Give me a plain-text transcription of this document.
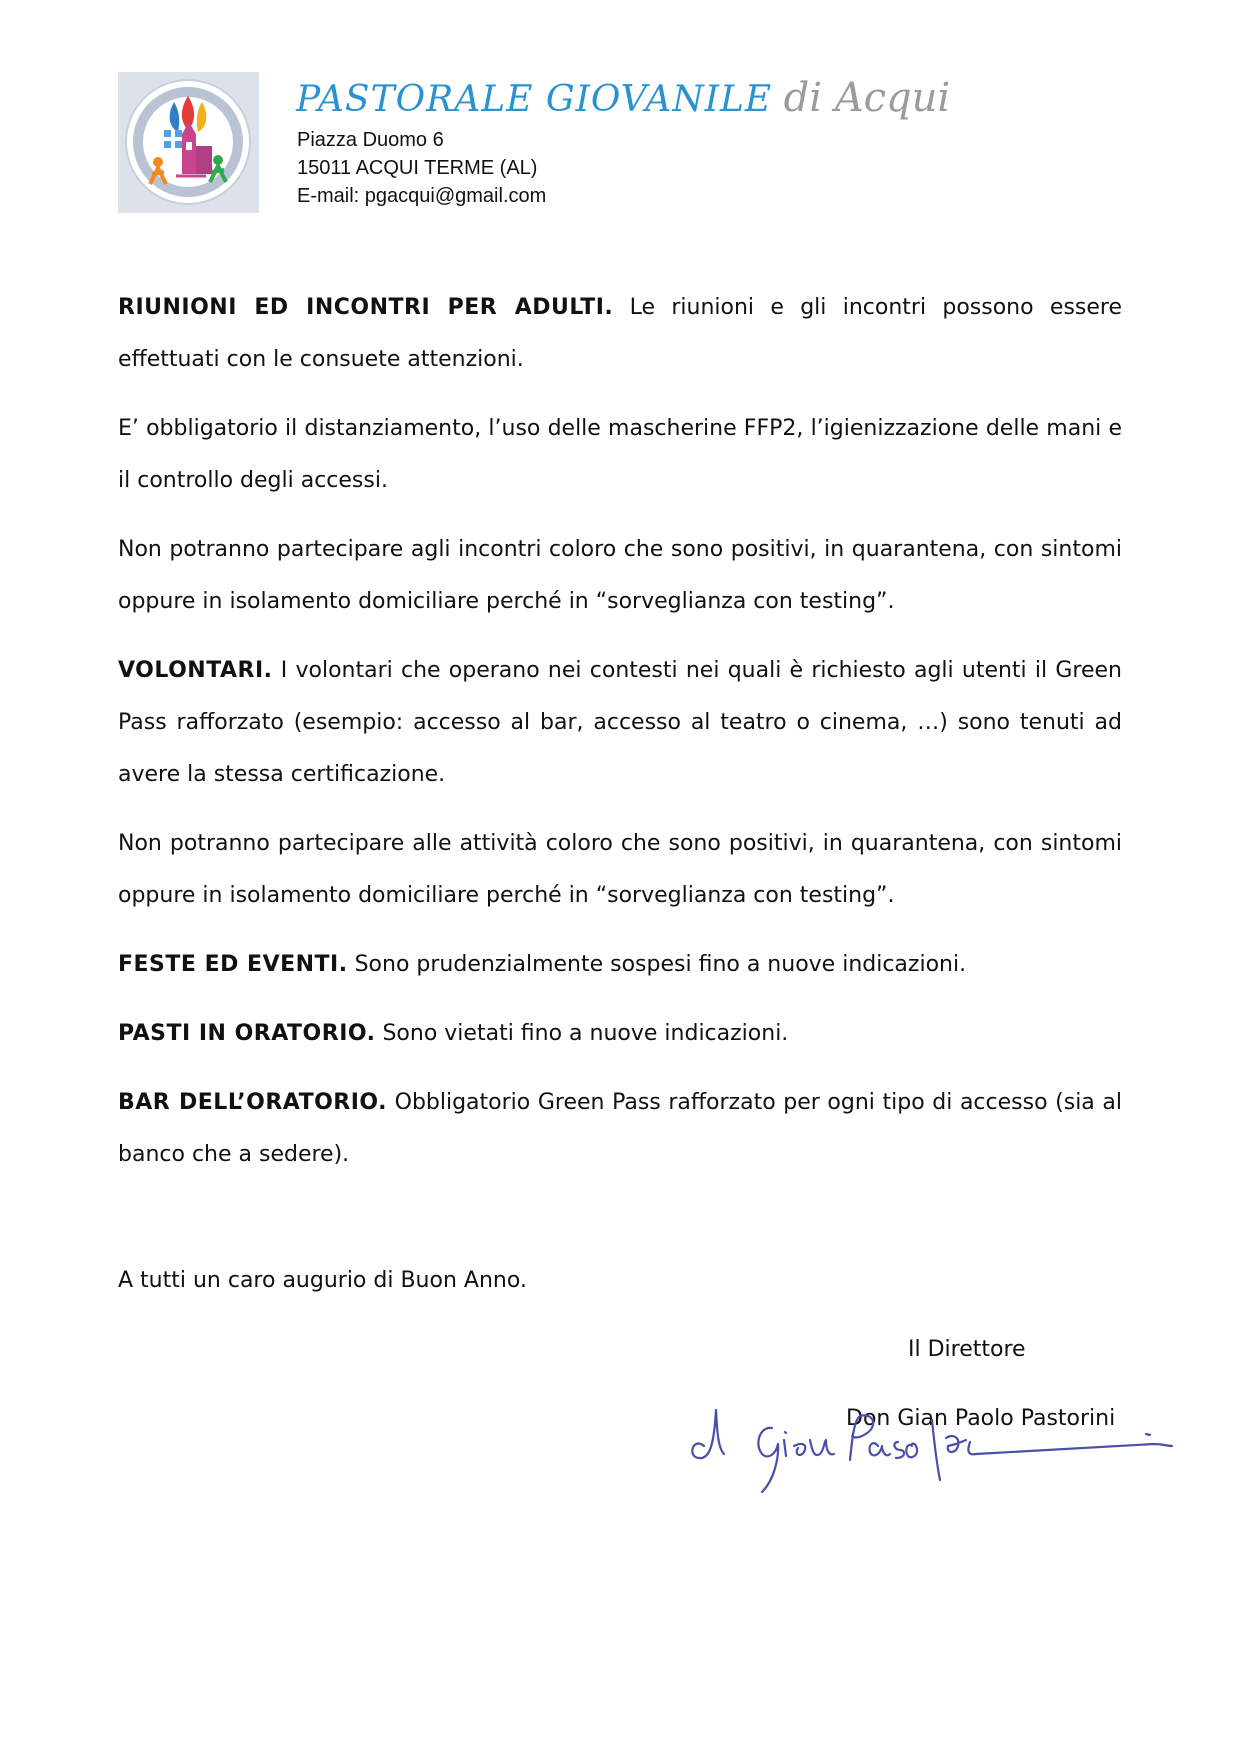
PASTORALE GIOVANILE di Acqui
Piazza Duomo 6
15011 ACQUI TERME (AL)
E-mail: pgacqui@gmail.com

RIUNIONI ED INCONTRI PER ADULTI. Le riunioni e gli incontri possono essere effettuati con le consuete attenzioni.

E’ obbligatorio il distanziamento, l’uso delle mascherine FFP2, l’igienizzazione delle mani e il controllo degli accessi.

Non potranno partecipare agli incontri coloro che sono positivi, in quarantena, con sintomi oppure in isolamento domiciliare perché in “sorveglianza con testing”.

VOLONTARI. I volontari che operano nei contesti nei quali è richiesto agli utenti il Green Pass rafforzato (esempio: accesso al bar, accesso al teatro o cinema, …) sono tenuti ad avere la stessa certificazione.

Non potranno partecipare alle attività coloro che sono positivi, in quarantena, con sintomi oppure in isolamento domiciliare perché in “sorveglianza con testing”.

FESTE ED EVENTI. Sono prudenzialmente sospesi fino a nuove indicazioni.

PASTI IN ORATORIO. Sono vietati fino a nuove indicazioni.

BAR DELL’ORATORIO. Obbligatorio Green Pass rafforzato per ogni tipo di accesso (sia al banco che a sedere).

A tutti un caro augurio di Buon Anno.
Il Direttore
Don Gian Paolo Pastorini
